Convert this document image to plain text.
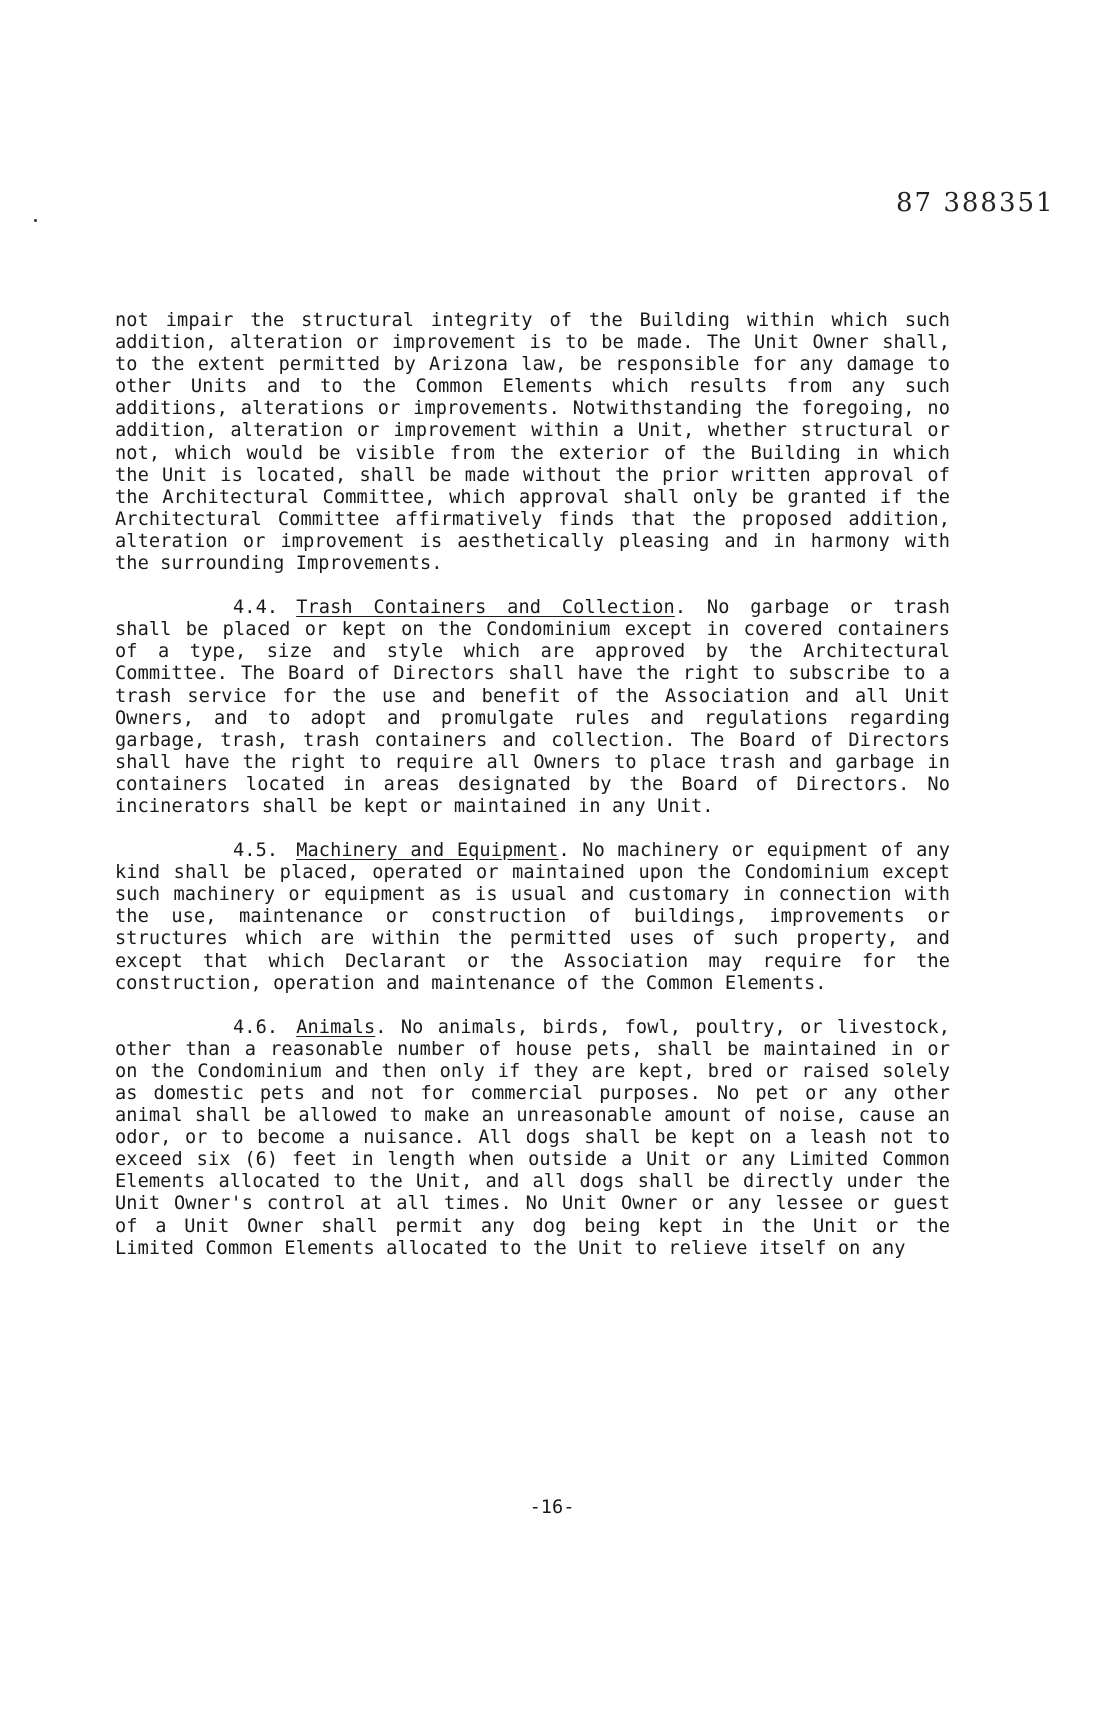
87 388351

not impair the structural integrity of the Building within which such addition, alteration or improvement is to be made. The Unit Owner shall, to the extent permitted by Arizona law, be responsible for any damage to other Units and to the Common Elements which results from any such additions, alterations or improvements. Notwithstanding the foregoing, no addition, alteration or improvement within a Unit, whether structural or not, which would be visible from the exterior of the Building in which the Unit is located, shall be made without the prior written approval of the Architectural Committee, which approval shall only be granted if the Architectural Committee affirmatively finds that the proposed addition, alteration or improvement is aesthetically pleasing and in harmony with the surrounding Improvements.

4.4. Trash Containers and Collection. No garbage or trash shall be placed or kept on the Condominium except in covered containers of a type, size and style which are approved by the Architectural Committee. The Board of Directors shall have the right to subscribe to a trash service for the use and benefit of the Association and all Unit Owners, and to adopt and promulgate rules and regulations regarding garbage, trash, trash containers and collection. The Board of Directors shall have the right to require all Owners to place trash and garbage in containers located in areas designated by the Board of Directors. No incinerators shall be kept or maintained in any Unit.

4.5. Machinery and Equipment. No machinery or equipment of any kind shall be placed, operated or maintained upon the Condominium except such machinery or equipment as is usual and customary in connection with the use, maintenance or construction of buildings, improvements or structures which are within the permitted uses of such property, and except that which Declarant or the Association may require for the construction, operation and maintenance of the Common Elements.

4.6. Animals. No animals, birds, fowl, poultry, or livestock, other than a reasonable number of house pets, shall be maintained in or on the Condominium and then only if they are kept, bred or raised solely as domestic pets and not for commercial purposes. No pet or any other animal shall be allowed to make an unreasonable amount of noise, cause an odor, or to become a nuisance. All dogs shall be kept on a leash not to exceed six (6) feet in length when outside a Unit or any Limited Common Elements allocated to the Unit, and all dogs shall be directly under the Unit Owner's control at all times. No Unit Owner or any lessee or guest of a Unit Owner shall permit any dog being kept in the Unit or the Limited Common Elements allocated to the Unit to relieve itself on any

-16-
